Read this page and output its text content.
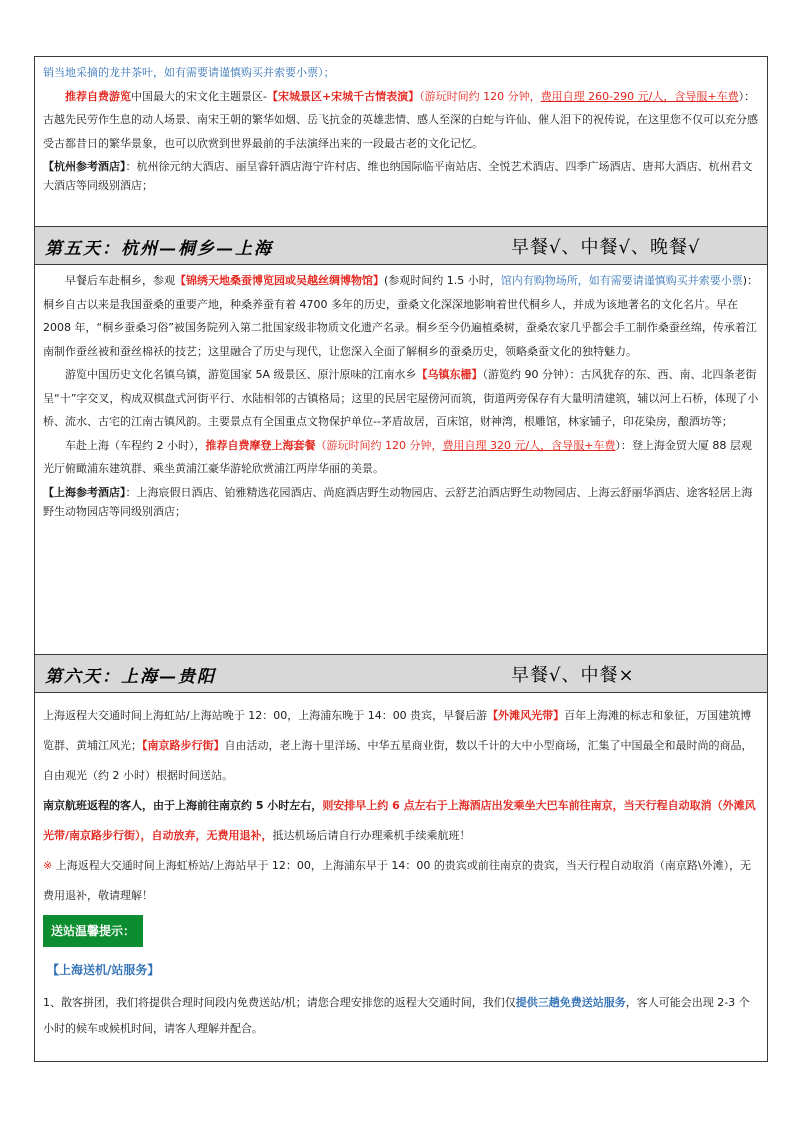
销当地采摘的龙井茶叶，如有需要请谨慎购买并索要小票）；

推荐自费游览中国最大的宋文化主题景区-【宋城景区+宋城千古情表演】（游玩时间约 120 分钟，费用自理 260-290 元/人，含导服+车费）：古越先民劳作生息的动人场景、南宋王朝的繁华如烟、岳飞抗金的英雄悲情、感人至深的白蛇与许仙、催人泪下的祝传说，在这里您不仅可以充分感受古都昔日的繁华景象，也可以欣赏到世界最前的手法演绎出来的一段最古老的文化记忆。

【杭州参考酒店】：杭州徐元纳大酒店、丽呈睿轩酒店海宁许村店、维也纳国际临平南站店、全悦艺术酒店、四季广场酒店、唐邦大酒店、杭州君文大酒店等同级别酒店；

第五天：杭州—桐乡—上海	早餐√、中餐√、晚餐√

早餐后车赴桐乡，参观【锦绣天地桑蚕博览园或吴越丝绸博物馆】(参观时间约 1.5 小时，馆内有购物场所，如有需要请谨慎购买并索要小票)：桐乡自古以来是我国蚕桑的重要产地，种桑养蚕有着 4700 多年的历史，蚕桑文化深深地影响着世代桐乡人，并成为该地著名的文化名片。早在 2008 年，“桐乡蚕桑习俗”被国务院列入第二批国家级非物质文化遗产名录。桐乡至今仍遍植桑树，蚕桑农家几乎都会手工制作桑蚕丝绵，传承着江南制作蚕丝被和蚕丝棉袄的技艺；这里融合了历史与现代，让您深入全面了解桐乡的蚕桑历史，领略桑蚕文化的独特魅力。

游览中国历史文化名镇乌镇，游览国家 5A 级景区、原汁原味的江南水乡【乌镇东栅】（游览约 90 分钟）：古风犹存的东、西、南、北四条老街呈“十”字交叉，构成双棋盘式河街平行、水陆相邻的古镇格局；这里的民居宅屋傍河而筑，街道两旁保存有大量明清建筑，辅以河上石桥，体现了小桥、流水、古宅的江南古镇风韵。主要景点有全国重点文物保护单位--茅盾故居，百床馆，财神湾，根雕馆，林家铺子，印花染房，酿酒坊等；

车赴上海（车程约 2 小时），推荐自费摩登上海套餐（游玩时间约 120 分钟，费用自理 320 元/人，含导服+车费）：登上海金贸大厦 88 层观光厅俯瞰浦东建筑群、乘坐黄浦江豪华游轮欣赏浦江两岸华丽的美景。

【上海参考酒店】：上海宸假日酒店、铂雅精选花园酒店、尚庭酒店野生动物园店、云舒艺泊酒店野生动物园店、上海云舒丽华酒店、途客轻居上海野生动物园店等同级别酒店；

第六天：上海—贵阳	早餐√、中餐×

上海返程大交通时间上海虹站/上海站晚于 12：00，上海浦东晚于 14：00 贵宾，早餐后游【外滩风光带】百年上海滩的标志和象征，万国建筑博览群、黄埔江风光；【南京路步行街】自由活动，老上海十里洋场、中华五星商业街，数以千计的大中小型商场，汇集了中国最全和最时尚的商品，自由观光（约 2 小时）根据时间送站。

南京航班返程的客人，由于上海前往南京约 5 小时左右，则安排早上约 6 点左右于上海酒店出发乘坐大巴车前往南京，当天行程自动取消（外滩风光带/南京路步行街），自动放弃，无费用退补，抵达机场后请自行办理乘机手续乘航班！

※ 上海返程大交通时间上海虹桥站/上海站早于 12：00，上海浦东早于 14：00 的贵宾或前往南京的贵宾，当天行程自动取消（南京路\外滩），无费用退补，敬请理解！

送站温馨提示：
【上海送机/站服务】

1、散客拼团，我们将提供合理时间段内免费送站/机；请您合理安排您的返程大交通时间，我们仅提供三趟免费送站服务，客人可能会出现 2-3 个小时的候车或候机时间，请客人理解并配合。
